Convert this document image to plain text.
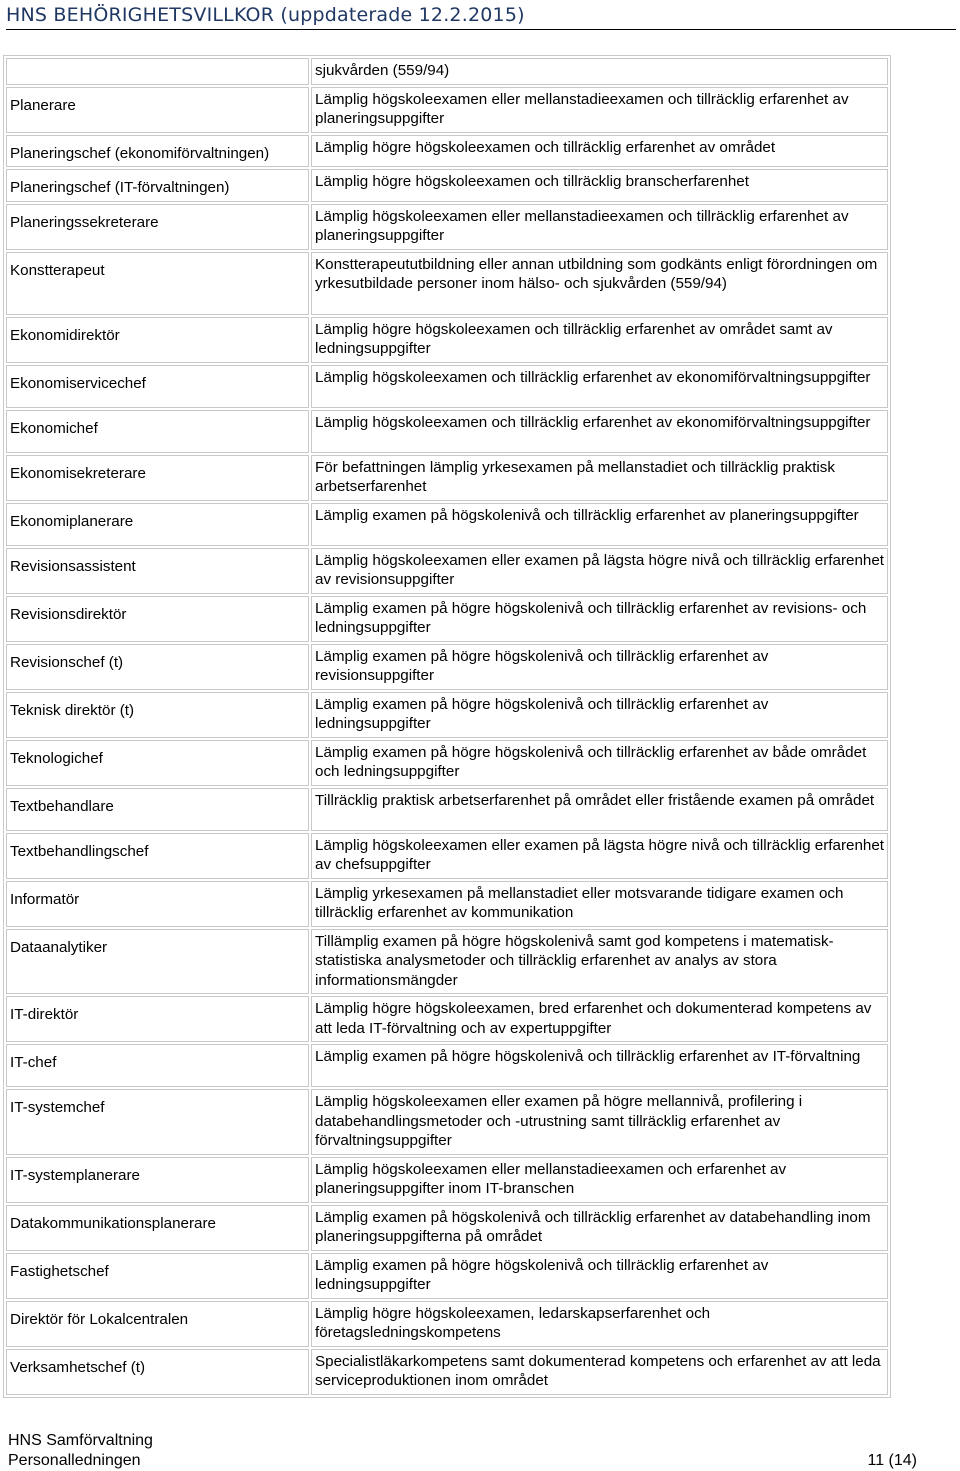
HNS BEHÖRIGHETSVILLKOR (uppdaterade 12.2.2015)
	sjukvården (559/94)
Planerare	Lämplig högskoleexamen eller mellanstadieexamen och tillräcklig erfarenhet av planeringsuppgifter
Planeringschef (ekonomiförvaltningen)	Lämplig högre högskoleexamen och tillräcklig erfarenhet av området
Planeringschef (IT-förvaltningen)	Lämplig högre högskoleexamen och tillräcklig branscherfarenhet
Planeringssekreterare	Lämplig högskoleexamen eller mellanstadieexamen och tillräcklig erfarenhet av planeringsuppgifter
Konstterapeut	Konstterapeututbildning eller annan utbildning som godkänts enligt förordningen om yrkesutbildade personer inom hälso- och sjukvården (559/94)
Ekonomidirektör	Lämplig högre högskoleexamen och tillräcklig erfarenhet av området samt av ledningsuppgifter
Ekonomiservicechef	Lämplig högskoleexamen och tillräcklig erfarenhet av ekonomiförvaltningsuppgifter
Ekonomichef	Lämplig högskoleexamen och tillräcklig erfarenhet av ekonomiförvaltningsuppgifter
Ekonomisekreterare	För befattningen lämplig yrkesexamen på mellanstadiet och tillräcklig praktisk arbetserfarenhet
Ekonomiplanerare	Lämplig examen på högskolenivå och tillräcklig erfarenhet av planeringsuppgifter
Revisionsassistent	Lämplig högskoleexamen eller examen på lägsta högre nivå och tillräcklig erfarenhet av revisionsuppgifter
Revisionsdirektör	Lämplig examen på högre högskolenivå och tillräcklig erfarenhet av revisions- och ledningsuppgifter
Revisionschef (t)	Lämplig examen på högre högskolenivå och tillräcklig erfarenhet av revisionsuppgifter
Teknisk direktör (t)	Lämplig examen på högre högskolenivå och tillräcklig erfarenhet av ledningsuppgifter
Teknologichef	Lämplig examen på högre högskolenivå och tillräcklig erfarenhet av både området och ledningsuppgifter
Textbehandlare	Tillräcklig praktisk arbetserfarenhet på området eller fristående examen på området
Textbehandlingschef	Lämplig högskoleexamen eller examen på lägsta högre nivå och tillräcklig erfarenhet av chefsuppgifter
Informatör	Lämplig yrkesexamen på mellanstadiet eller motsvarande tidigare examen och tillräcklig erfarenhet av kommunikation
Dataanalytiker	Tillämplig examen på högre högskolenivå samt god kompetens i matematisk-statistiska analysmetoder och tillräcklig erfarenhet av analys av stora informationsmängder
IT-direktör	Lämplig högre högskoleexamen, bred erfarenhet och dokumenterad kompetens av att leda IT-förvaltning och av expertuppgifter
IT-chef	Lämplig examen på högre högskolenivå och tillräcklig erfarenhet av IT-förvaltning
IT-systemchef	Lämplig högskoleexamen eller examen på högre mellannivå, profilering i databehandlingsmetoder och -utrustning samt tillräcklig erfarenhet av förvaltningsuppgifter
IT-systemplanerare	Lämplig högskoleexamen eller mellanstadieexamen och erfarenhet av planeringsuppgifter inom IT-branschen
Datakommunikationsplanerare	Lämplig examen på högskolenivå och tillräcklig erfarenhet av databehandling inom planeringsuppgifterna på området
Fastighetschef	Lämplig examen på högre högskolenivå och tillräcklig erfarenhet av ledningsuppgifter
Direktör för Lokalcentralen	Lämplig högre högskoleexamen, ledarskapserfarenhet och företagsledningskompetens
Verksamhetschef (t)	Specialistläkarkompetens samt dokumenterad kompetens och erfarenhet av att leda serviceproduktionen inom området
HNS Samförvaltning
Personalledningen	11 (14)
